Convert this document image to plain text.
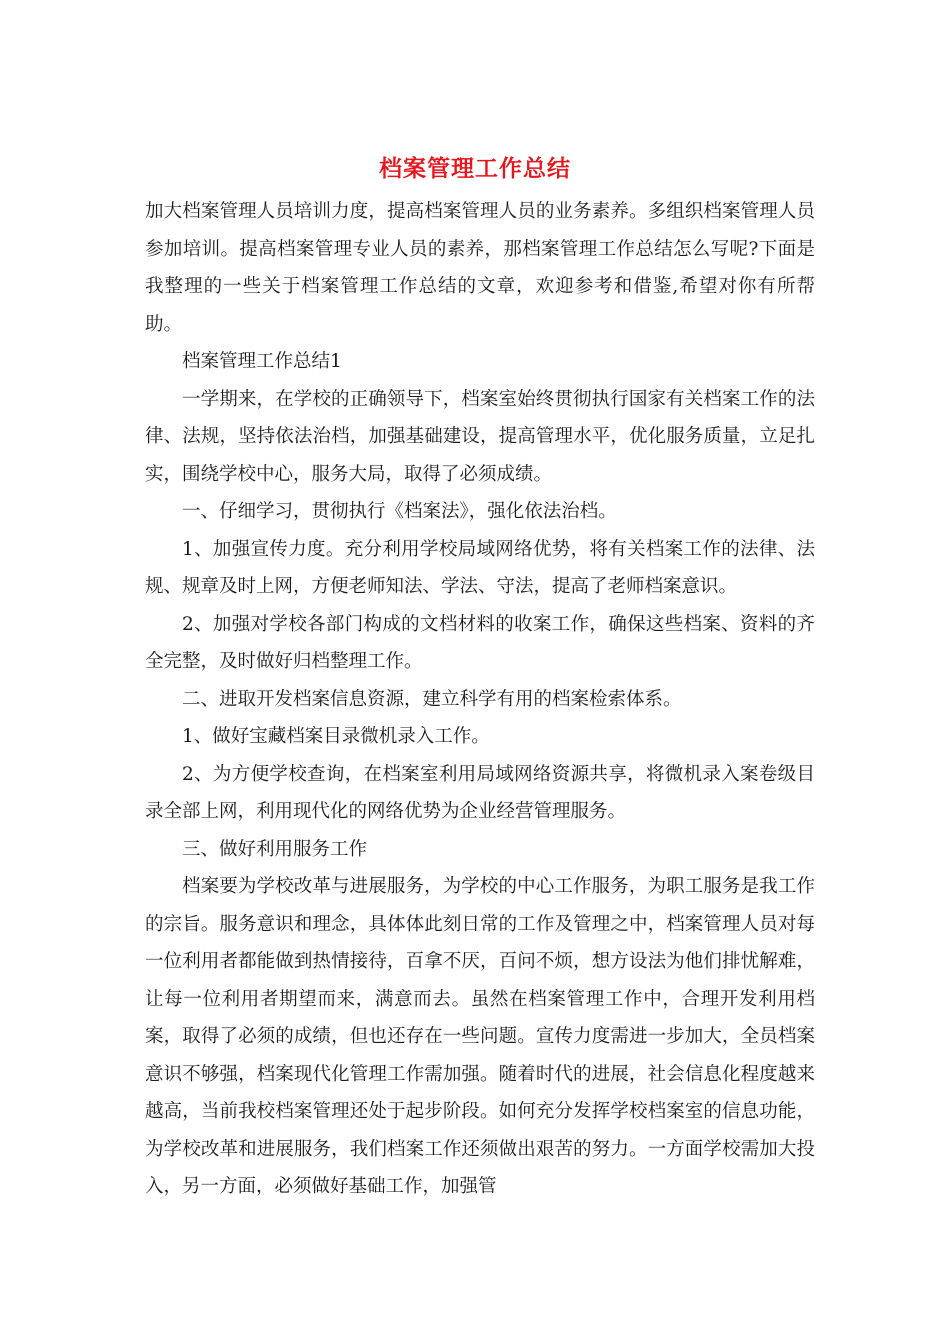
档案管理工作总结

加大档案管理人员培训力度，提高档案管理人员的业务素养。多组织档案管理人员参加培训。提高档案管理专业人员的素养，那档案管理工作总结怎么写呢?下面是我整理的一些关于档案管理工作总结的文章，欢迎参考和借鉴,希望对你有所帮助。

档案管理工作总结1

一学期来，在学校的正确领导下，档案室始终贯彻执行国家有关档案工作的法律、法规，坚持依法治档，加强基础建设，提高管理水平，优化服务质量，立足扎实，围绕学校中心，服务大局，取得了必须成绩。

一、仔细学习，贯彻执行《档案法》，强化依法治档。

1、加强宣传力度。充分利用学校局域网络优势，将有关档案工作的法律、法规、规章及时上网，方便老师知法、学法、守法，提高了老师档案意识。

2、加强对学校各部门构成的文档材料的收案工作，确保这些档案、资料的齐全完整，及时做好归档整理工作。

二、进取开发档案信息资源，建立科学有用的档案检索体系。

1、做好宝藏档案目录微机录入工作。

2、为方便学校查询，在档案室利用局域网络资源共享，将微机录入案卷级目录全部上网，利用现代化的网络优势为企业经营管理服务。

三、做好利用服务工作

档案要为学校改革与进展服务，为学校的中心工作服务，为职工服务是我工作的宗旨。服务意识和理念，具体体此刻日常的工作及管理之中，档案管理人员对每一位利用者都能做到热情接待，百拿不厌，百问不烦，想方设法为他们排忧解难，让每一位利用者期望而来，满意而去。虽然在档案管理工作中，合理开发利用档案，取得了必须的成绩，但也还存在一些问题。宣传力度需进一步加大，全员档案意识不够强，档案现代化管理工作需加强。随着时代的进展，社会信息化程度越来越高，当前我校档案管理还处于起步阶段。如何充分发挥学校档案室的信息功能，为学校改革和进展服务，我们档案工作还须做出艰苦的努力。一方面学校需加大投入，另一方面，必须做好基础工作，加强管
